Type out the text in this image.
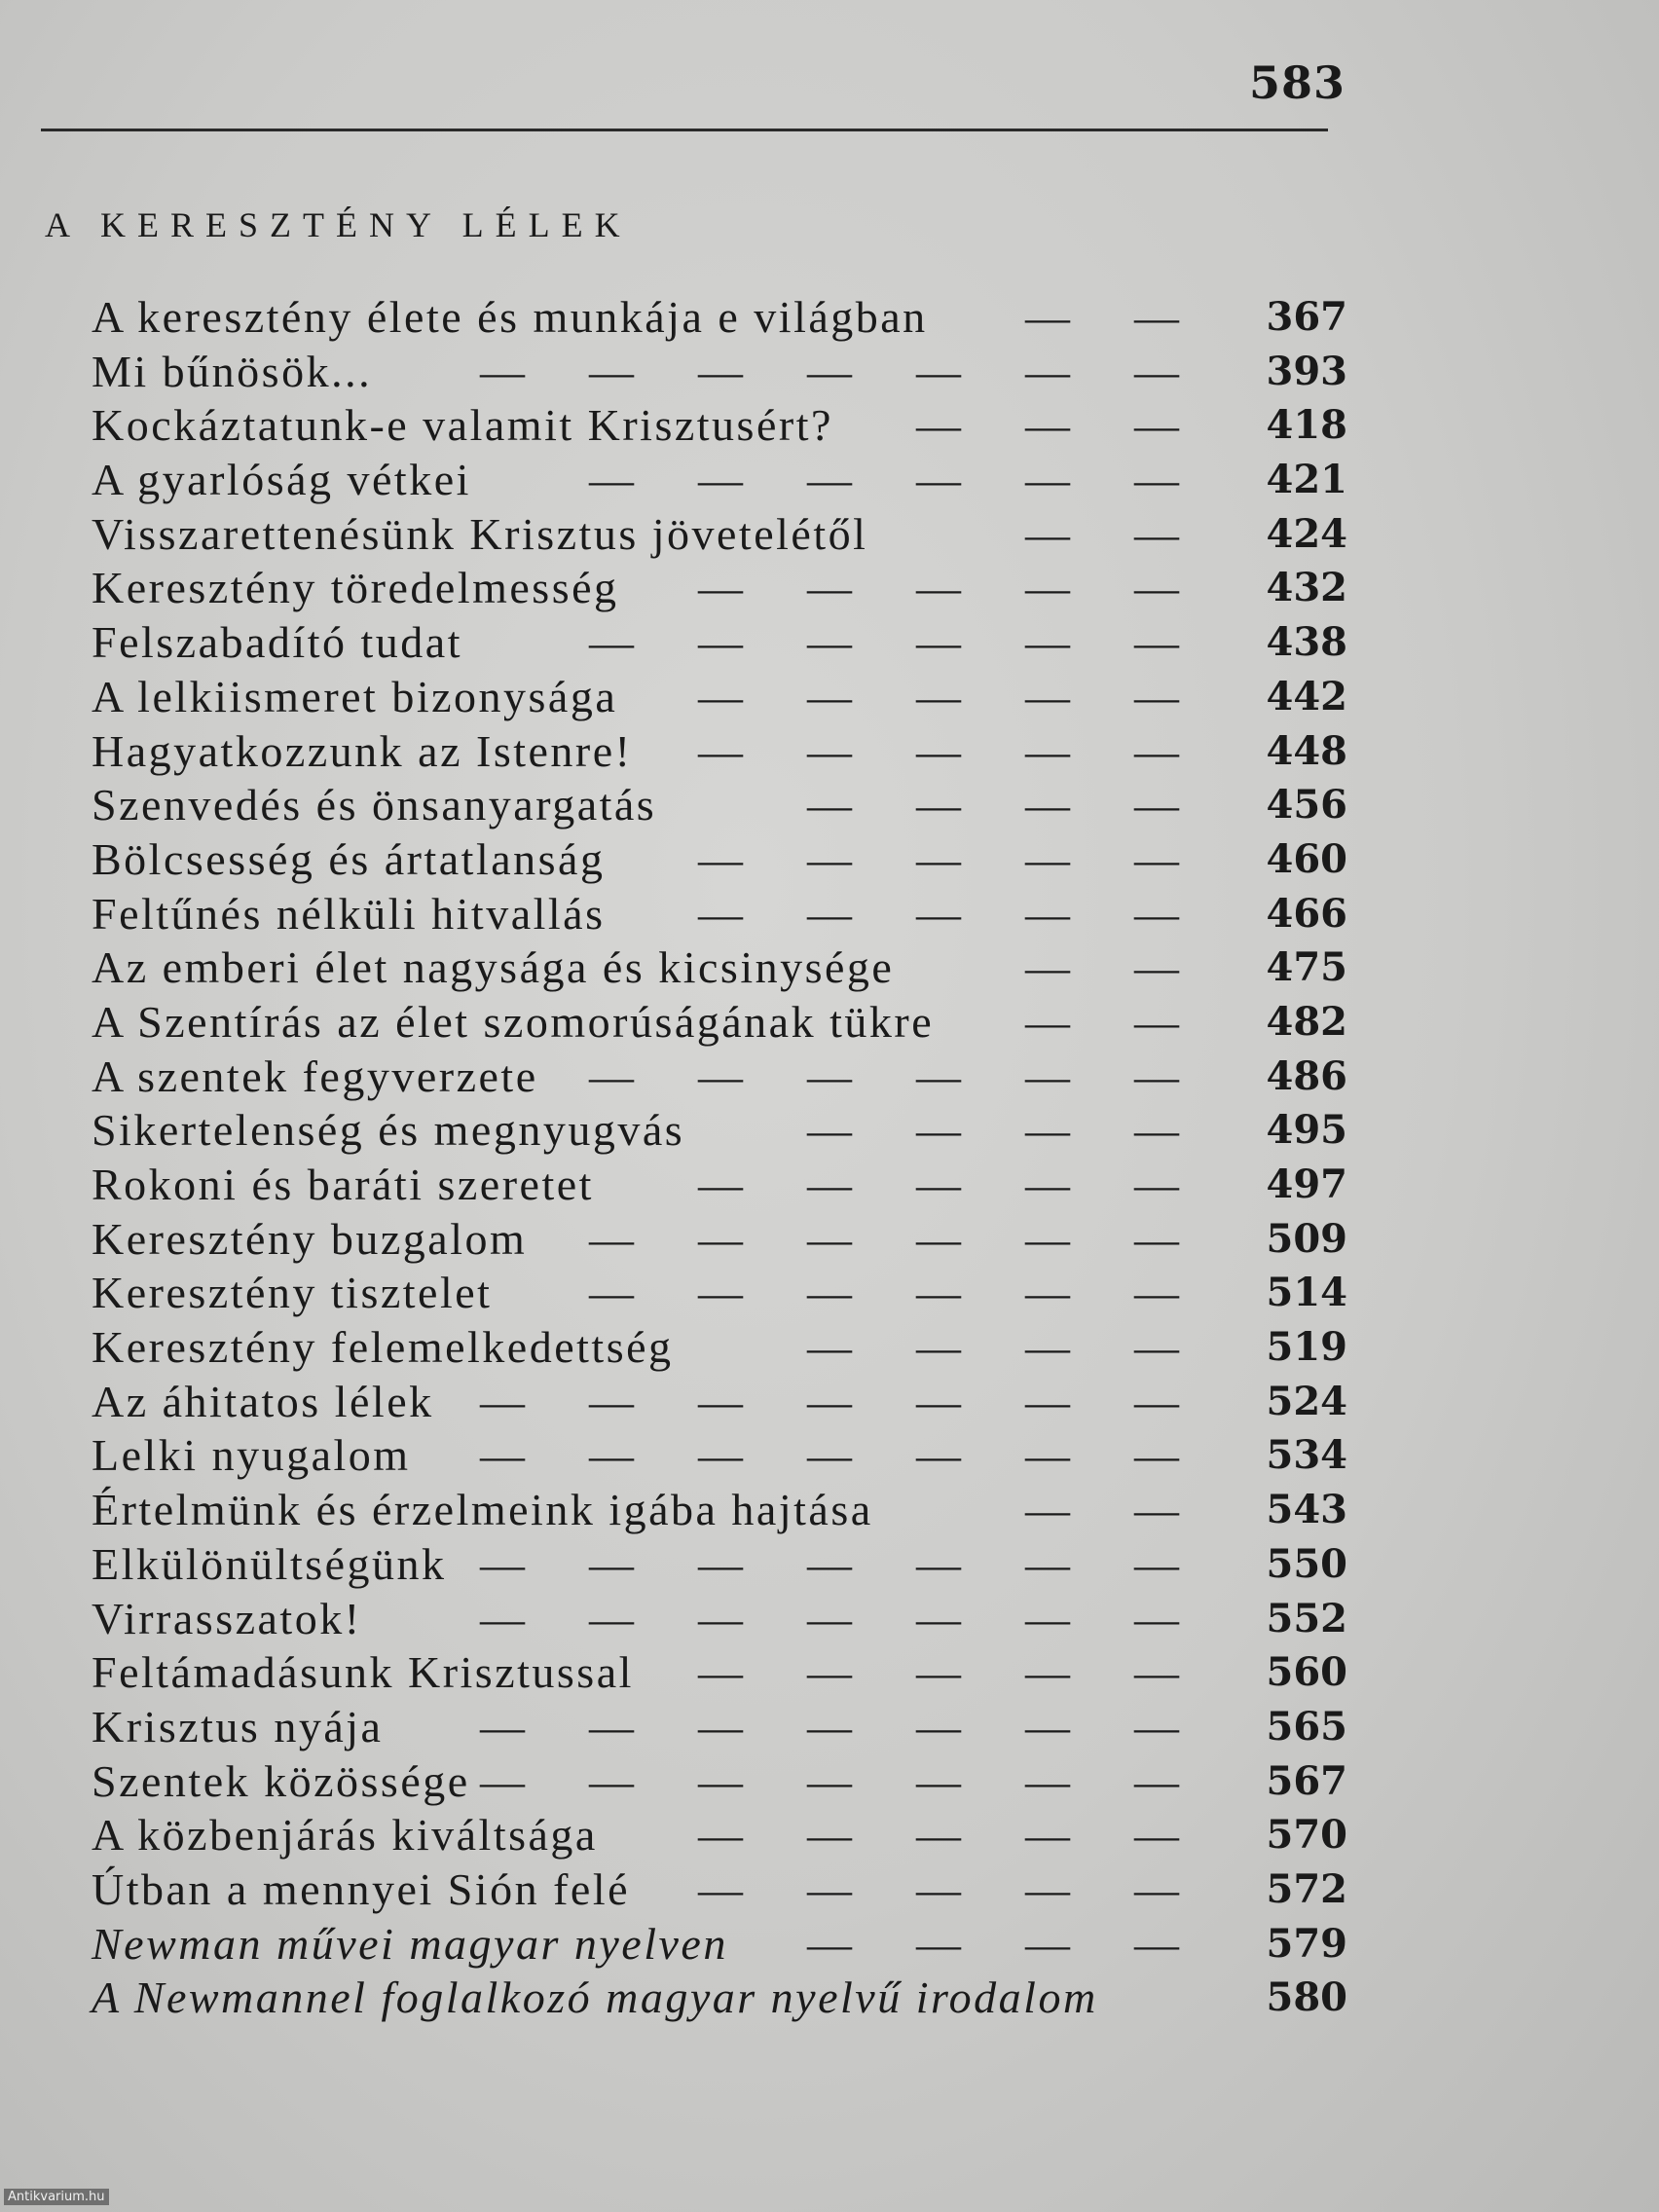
583
A KERESZTÉNY LÉLEK
A keresztény élete és munkája e világban	— —	367
Mi bűnösök...	— — — — — — —	393
Kockáztatunk-e valamit Krisztusért?	— — —	418
A gyarlóság vétkei	— — — — — —	421
Visszarettenésünk Krisztus jövetelétől	— —	424
Keresztény töredelmesség	— — — — —	432
Felszabadító tudat	— — — — — —	438
A lelkiismeret bizonysága	— — — — —	442
Hagyatkozzunk az Istenre!	— — — — —	448
Szenvedés és önsanyargatás	— — — —	456
Bölcsesség és ártatlanság	— — — — —	460
Feltűnés nélküli hitvallás	— — — — —	466
Az emberi élet nagysága és kicsinysége	— —	475
A Szentírás az élet szomorúságának tükre	— —	482
A szentek fegyverzete	— — — — — —	486
Sikertelenség és megnyugvás	— — — —	495
Rokoni és baráti szeretet	— — — — —	497
Keresztény buzgalom	— — — — — —	509
Keresztény tisztelet	— — — — — —	514
Keresztény felemelkedettség	— — — —	519
Az áhitatos lélek	— — — — — — —	524
Lelki nyugalom	— — — — — — —	534
Értelmünk és érzelmeink igába hajtása	— —	543
Elkülönültségünk — — — — — — —	550
Virrasszatok!	— — — — — — —	552
Feltámadásunk Krisztussal	— — — — —	560
Krisztus nyája	— — — — — — —	565
Szentek közössége — — — — — — —	567
A közbenjárás kiváltsága	— — — — —	570
Útban a mennyei Sión felé	— — — — —	572
Newman művei magyar nyelven	— — — —	579
A Newmannel foglalkozó magyar nyelvű irodalom	580
Antikvarium.hu
